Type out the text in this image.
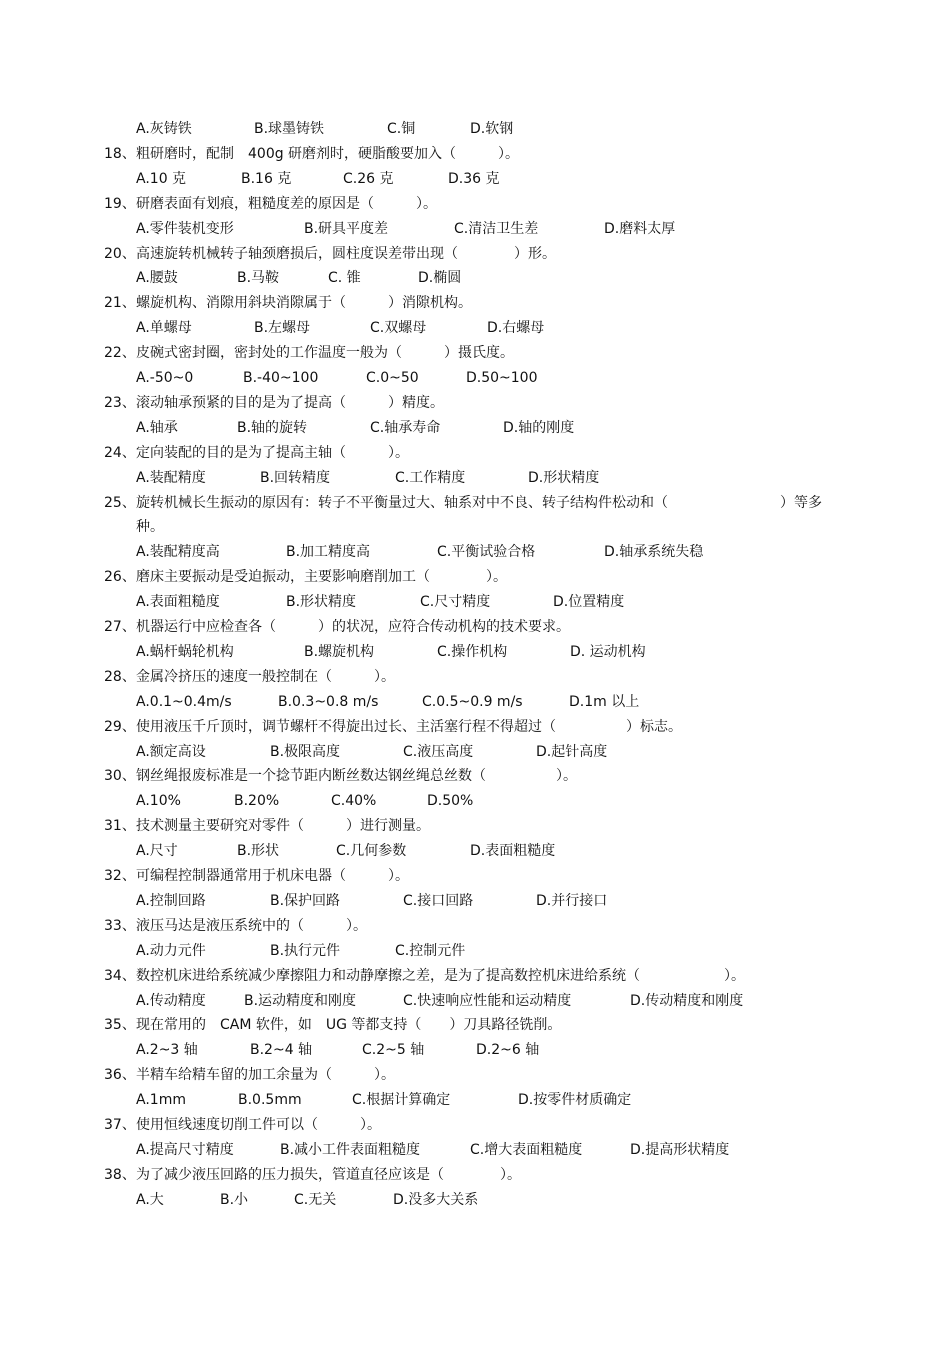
A.灰铸铁	B.球墨铸铁	C.铜	D.软钢
18、 粗研磨时，配制　400g 研磨剂时，硬脂酸要加入（　　　）。
A.10 克	B.16 克	C.26 克	D.36 克
19、 研磨表面有划痕，粗糙度差的原因是（　　　）。
A.零件装机变形	B.研具平度差	C.清洁卫生差	D.磨料太厚
20、 高速旋转机械转子轴颈磨损后，圆柱度误差带出现（　　　　）形。
A.腰鼓	B.马鞍	C. 锥	D.椭圆
21、 螺旋机构、消隙用斜块消隙属于（　　　）消隙机构。
A.单螺母	B.左螺母	C.双螺母	D.右螺母
22、 皮碗式密封圈，密封处的工作温度一般为（　　　）摄氏度。
A.-50~0	B.-40~100	C.0~50	D.50~100
23、 滚动轴承预紧的目的是为了提高（　　　）精度。
A.轴承	B.轴的旋转	C.轴承寿命	D.轴的刚度
24、 定向装配的目的是为了提高主轴（　　　）。
A.装配精度	B.回转精度	C.工作精度	D.形状精度
25、 旋转机械长生振动的原因有：转子不平衡量过大、轴系对中不良、转子结构件松动和（　　　　　　　　）等多
种。
A.装配精度高	B.加工精度高	C.平衡试验合格	D.轴承系统失稳
26、 磨床主要振动是受迫振动，主要影响磨削加工（　　　　）。
A.表面粗糙度	B.形状精度	C.尺寸精度	D.位置精度
27、 机器运行中应检查各（　　　）的状况，应符合传动机构的技术要求。
A.蜗杆蜗轮机构	B.螺旋机构	C.操作机构	D. 运动机构
28、 金属冷挤压的速度一般控制在（　　　）。
A.0.1~0.4m/s	B.0.3~0.8 m/s	C.0.5~0.9 m/s	D.1m 以上
29、 使用液压千斤顶时，调节螺杆不得旋出过长、主活塞行程不得超过（　　　　　）标志。
A.额定高设	B.极限高度	C.液压高度	D.起针高度
30、 钢丝绳报废标准是一个捻节距内断丝数达钢丝绳总丝数（　　　　　）。
A.10%	B.20%	C.40%	D.50%
31、 技术测量主要研究对零件（　　　）进行测量。
A.尺寸	B.形状	C.几何参数	D.表面粗糙度
32、 可编程控制器通常用于机床电器（　　　）。
A.控制回路	B.保护回路	C.接口回路	D.并行接口
33、 液压马达是液压系统中的（　　　）。
A.动力元件	B.执行元件	C.控制元件
34、 数控机床进给系统减少摩擦阻力和动静摩擦之差，是为了提高数控机床进给系统（　　　　　　）。
A.传动精度	B.运动精度和刚度	C.快速响应性能和运动精度	D.传动精度和刚度
35、 现在常用的　CAM 软件，如　UG 等都支持（　　）刀具路径铣削。
A.2~3 轴	B.2~4 轴	C.2~5 轴	D.2~6 轴
36、 半精车给精车留的加工余量为（　　　）。
A.1mm	B.0.5mm	C.根据计算确定	D.按零件材质确定
37、 使用恒线速度切削工件可以（　　　）。
A.提高尺寸精度	B.减小工件表面粗糙度	C.增大表面粗糙度	D.提高形状精度
38、 为了减少液压回路的压力损失，管道直径应该是（　　　　）。
A.大	B.小	C.无关	D.没多大关系
